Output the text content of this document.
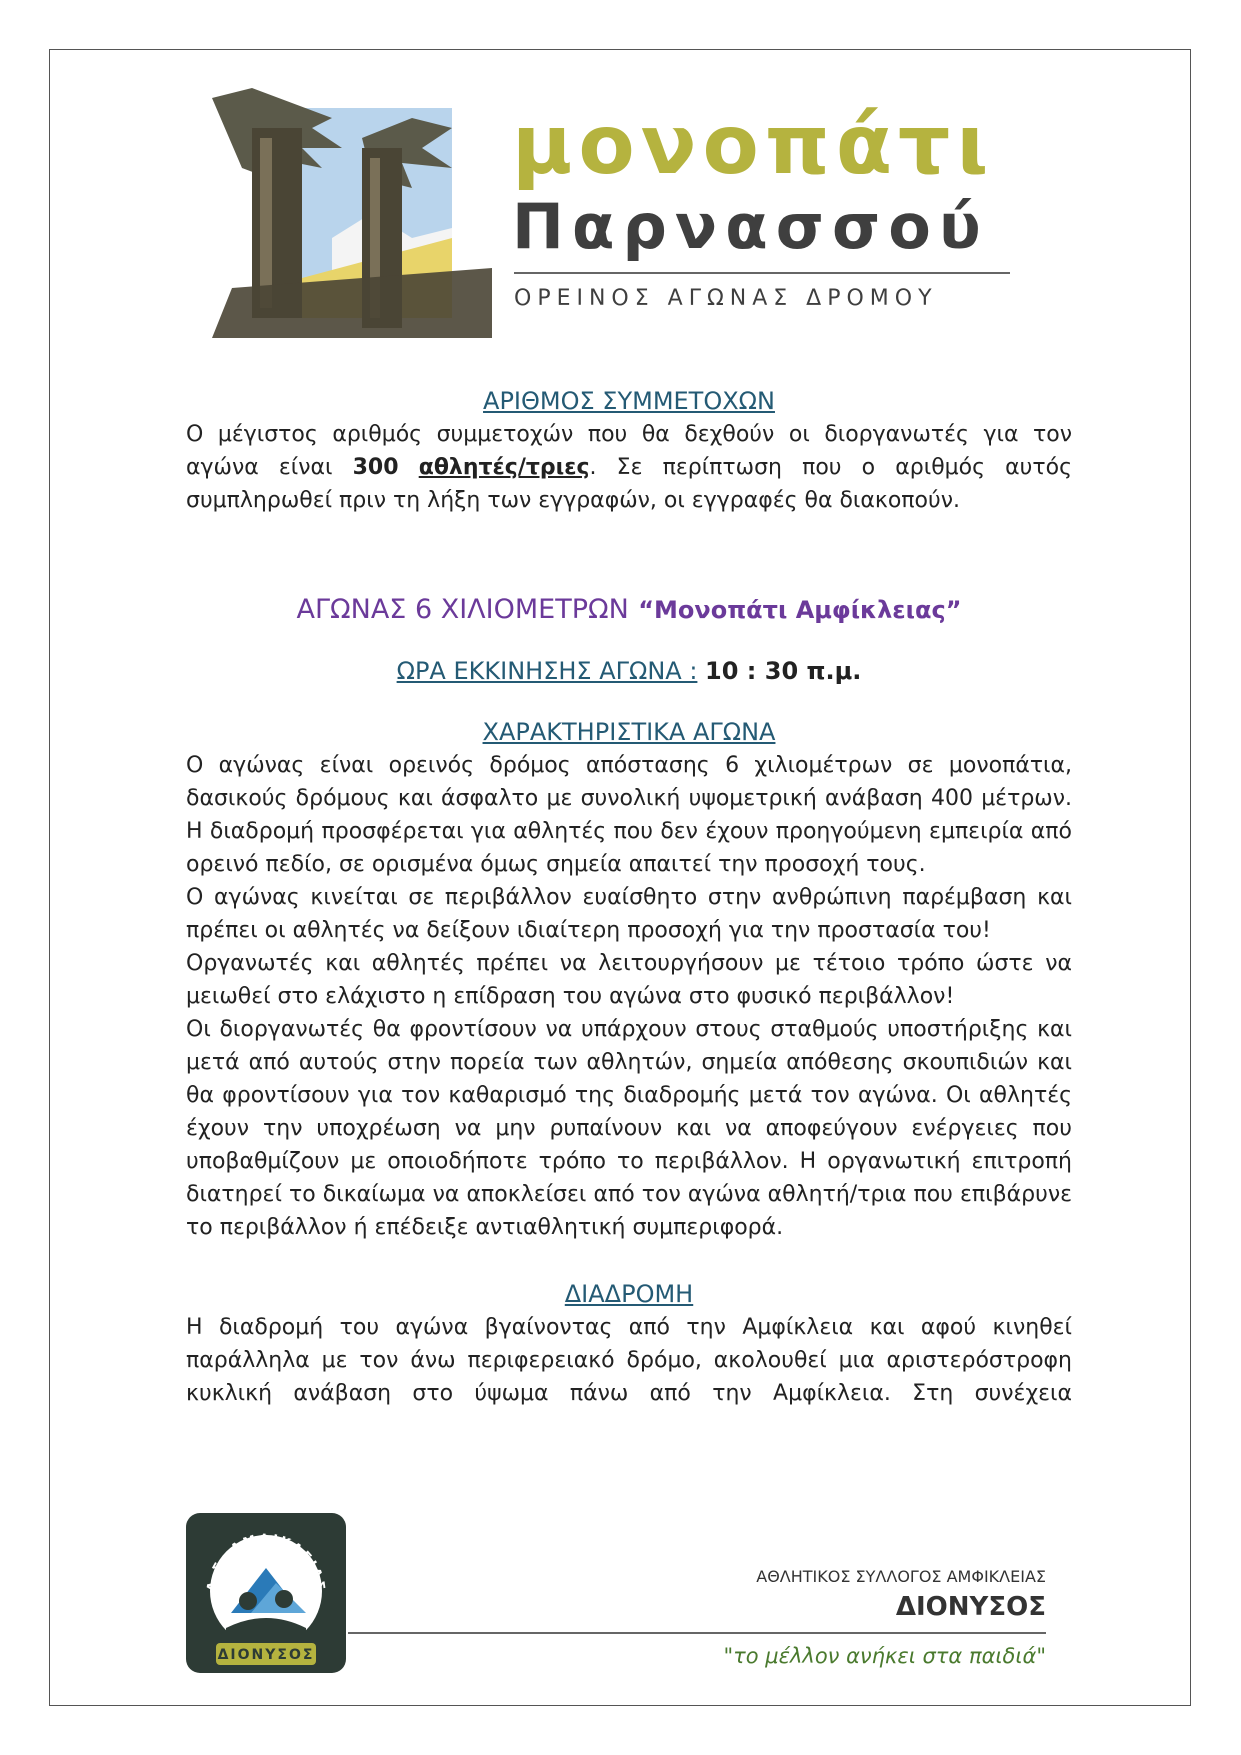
μονοπάτι
Παρνασσού
ΟΡΕΙΝΟΣ ΑΓΩΝΑΣ ΔΡΟΜΟΥ
ΑΡΙΘΜΟΣ ΣΥΜΜΕΤΟΧΩΝ

Ο μέγιστος αριθμός συμμετοχών που θα δεχθούν οι διοργανωτές για τον αγώνα είναι 300 αθλητές/τριες. Σε περίπτωση που ο αριθμός αυτός συμπληρωθεί πριν τη λήξη των εγγραφών, οι εγγραφές θα διακοπούν.

ΑΓΩΝΑΣ 6 ΧΙΛΙΟΜΕΤΡΩΝ “Μονοπάτι Αμφίκλειας”

ΩΡΑ ΕΚΚΙΝΗΣΗΣ ΑΓΩΝΑ : 10 : 30 π.μ.

ΧΑΡΑΚΤΗΡΙΣΤΙΚΑ ΑΓΩΝΑ

Ο αγώνας είναι ορεινός δρόμος απόστασης 6 χιλιομέτρων σε μονοπάτια, δασικούς δρόμους και άσφαλτο με συνολική υψομετρική ανάβαση 400 μέτρων. Η διαδρομή προσφέρεται για αθλητές που δεν έχουν προηγούμενη εμπειρία από ορεινό πεδίο, σε ορισμένα όμως σημεία απαιτεί την προσοχή τους.

Ο αγώνας κινείται σε περιβάλλον ευαίσθητο στην ανθρώπινη παρέμβαση και πρέπει οι αθλητές να δείξουν ιδιαίτερη προσοχή για την προστασία του!

Οργανωτές και αθλητές πρέπει να λειτουργήσουν με τέτοιο τρόπο ώστε να μειωθεί στο ελάχιστο η επίδραση του αγώνα στο φυσικό περιβάλλον!

Οι διοργανωτές θα φροντίσουν να υπάρχουν στους σταθμούς υποστήριξης και μετά από αυτούς στην πορεία των αθλητών, σημεία απόθεσης σκουπιδιών και θα φροντίσουν για τον καθαρισμό της διαδρομής μετά τον αγώνα. Οι αθλητές έχουν την υποχρέωση να μην ρυπαίνουν και να αποφεύγουν ενέργειες που υποβαθμίζουν με οποιοδήποτε τρόπο το περιβάλλον. Η οργανωτική επιτροπή διατηρεί το δικαίωμα να αποκλείσει από τον αγώνα αθλητή/τρια που επιβάρυνε το περιβάλλον ή επέδειξε αντιαθλητική συμπεριφορά.

ΔΙΑΔΡΟΜΗ

Η διαδρομή του αγώνα βγαίνοντας από την Αμφίκλεια και αφού κινηθεί παράλληλα με τον άνω περιφερειακό δρόμο, ακολουθεί μια αριστερόστροφη κυκλική ανάβαση στο ύψωμα πάνω από την Αμφίκλεια. Στη συνέχεια

Α.Σ. ΑΜΦΙΚΛΕΙΑΣ
ΔΙΟΝΥΣΟΣ
ΑΘΛΗΤΙΚΟΣ ΣΥΛΛΟΓΟΣ ΑΜΦΙΚΛΕΙΑΣ
ΔΙΟΝΥΣΟΣ
"το μέλλον ανήκει στα παιδιά"
